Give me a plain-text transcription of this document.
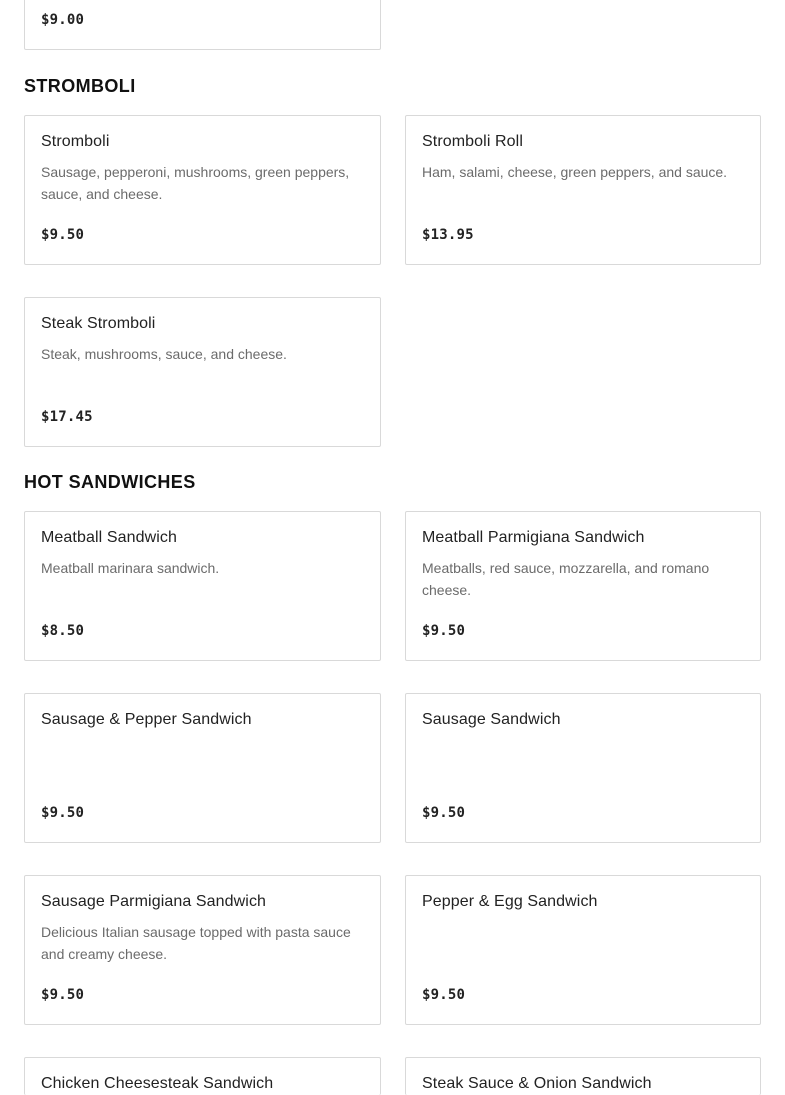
$9.00
STROMBOLI
Stromboli
Sausage, pepperoni, mushrooms, green peppers, sauce, and cheese.
$9.50
Stromboli Roll
Ham, salami, cheese, green peppers, and sauce.
$13.95
Steak Stromboli
Steak, mushrooms, sauce, and cheese.
$17.45
HOT SANDWICHES
Meatball Sandwich
Meatball marinara sandwich.
$8.50
Meatball Parmigiana Sandwich
Meatballs, red sauce, mozzarella, and romano cheese.
$9.50
Sausage & Pepper Sandwich
$9.50
Sausage Sandwich
$9.50
Sausage Parmigiana Sandwich
Delicious Italian sausage topped with pasta sauce and creamy cheese.
$9.50
Pepper & Egg Sandwich
$9.50
Chicken Cheesesteak Sandwich	Steak Sauce & Onion Sandwich
